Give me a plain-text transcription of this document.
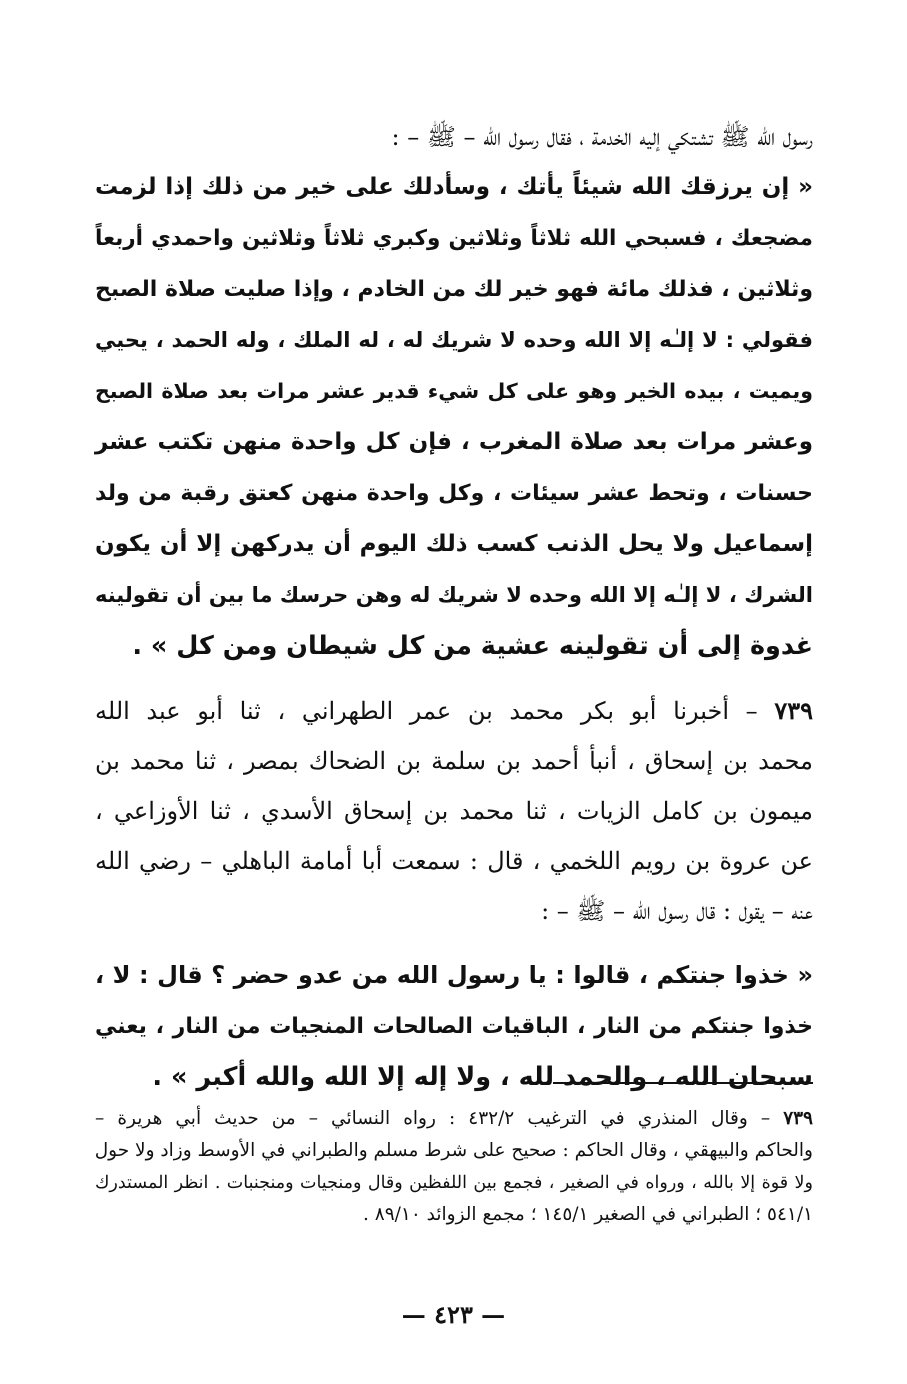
رسول الله ﷺ تشتكي إليه الخدمة ، فقال رسول الله – ﷺ – :
« إن يرزقك الله شيئاً يأتك ، وسأدلك على خير من ذلك إذا لزمت
مضجعك ، فسبحي الله ثلاثاً وثلاثين وكبري ثلاثاً وثلاثين واحمدي أربعاً
وثلاثين ، فذلك مائة فهو خير لك من الخادم ، وإذا صليت صلاة الصبح
فقولي : لا إلـٰه إلا الله وحده لا شريك له ، له الملك ، وله الحمد ، يحيي
ويميت ، بيده الخير وهو على كل شيء قدير عشر مرات بعد صلاة الصبح
وعشر مرات بعد صلاة المغرب ، فإن كل واحدة منهن تكتب عشر
حسنات ، وتحط عشر سيئات ، وكل واحدة منهن كعتق رقبة من ولد
إسماعيل ولا يحل الذنب كسب ذلك اليوم أن يدركهن إلا أن يكون
الشرك ، لا إلـٰه إلا الله وحده لا شريك له وهن حرسك ما بين أن تقولينه
غدوة إلى أن تقولينه عشية من كل شيطان ومن كل » .
٧٣٩ – أخبرنا أبو بكر محمد بن عمر الطهراني ، ثنا أبو عبد الله
محمد بن إسحاق ، أنبأ أحمد بن سلمة بن الضحاك بمصر ، ثنا محمد بن
ميمون بن كامل الزيات ، ثنا محمد بن إسحاق الأسدي ، ثنا الأوزاعي ،
عن عروة بن رويم اللخمي ، قال : سمعت أبا أمامة الباهلي – رضي الله
عنه – يقول : قال رسول الله – ﷺ – :
« خذوا جنتكم ، قالوا : يا رسول الله من عدو حضر ؟ قال : لا ،
خذوا جنتكم من النار ، الباقيات الصالحات المنجيات من النار ، يعني
سبحان الله ، والحمد لله ، ولا إله إلا الله والله أكبر » .
٧٣٩ – وقال المنذري في الترغيب ٤٣٢/٢ : رواه النسائي – من حديث أبي هريرة –
والحاكم والبيهقي ، وقال الحاكم : صحيح على شرط مسلم والطبراني في الأوسط وزاد ولا حول
ولا قوة إلا بالله ، ورواه في الصغير ، فجمع بين اللفظين وقال ومنجيات ومنجنبات . انظر المستدرك
٥٤١/١ ؛ الطبراني في الصغير ١٤٥/١ ؛ مجمع الزوائد ٨٩/١٠ .
— ٤٢٣ —
